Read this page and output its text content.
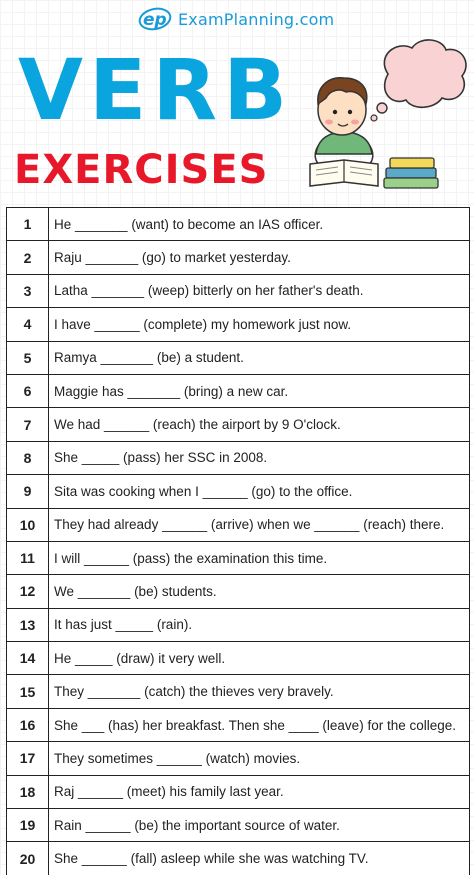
ep ExamPlanning.com
VERB
EXERCISES
1	He _______ (want) to become an IAS officer.
2	Raju _______ (go) to market yesterday.
3	Latha _______ (weep) bitterly on her father's death.
4	I have ______ (complete) my homework just now.
5	Ramya _______ (be) a student.
6	Maggie has _______ (bring) a new car.
7	We had ______ (reach) the airport by 9 O'clock.
8	She _____ (pass) her SSC in 2008.
9	Sita was cooking when I ______ (go) to the office.
10	They had already ______ (arrive) when we ______ (reach) there.
11	I will ______ (pass) the examination this time.
12	We _______ (be) students.
13	It has just _____ (rain).
14	He _____ (draw) it very well.
15	They _______ (catch) the thieves very bravely.
16	She ___ (has) her breakfast. Then she ____ (leave) for the college.
17	They sometimes ______ (watch) movies.
18	Raj ______ (meet) his family last year.
19	Rain ______ (be) the important source of water.
20	She ______ (fall) asleep while she was watching TV.
